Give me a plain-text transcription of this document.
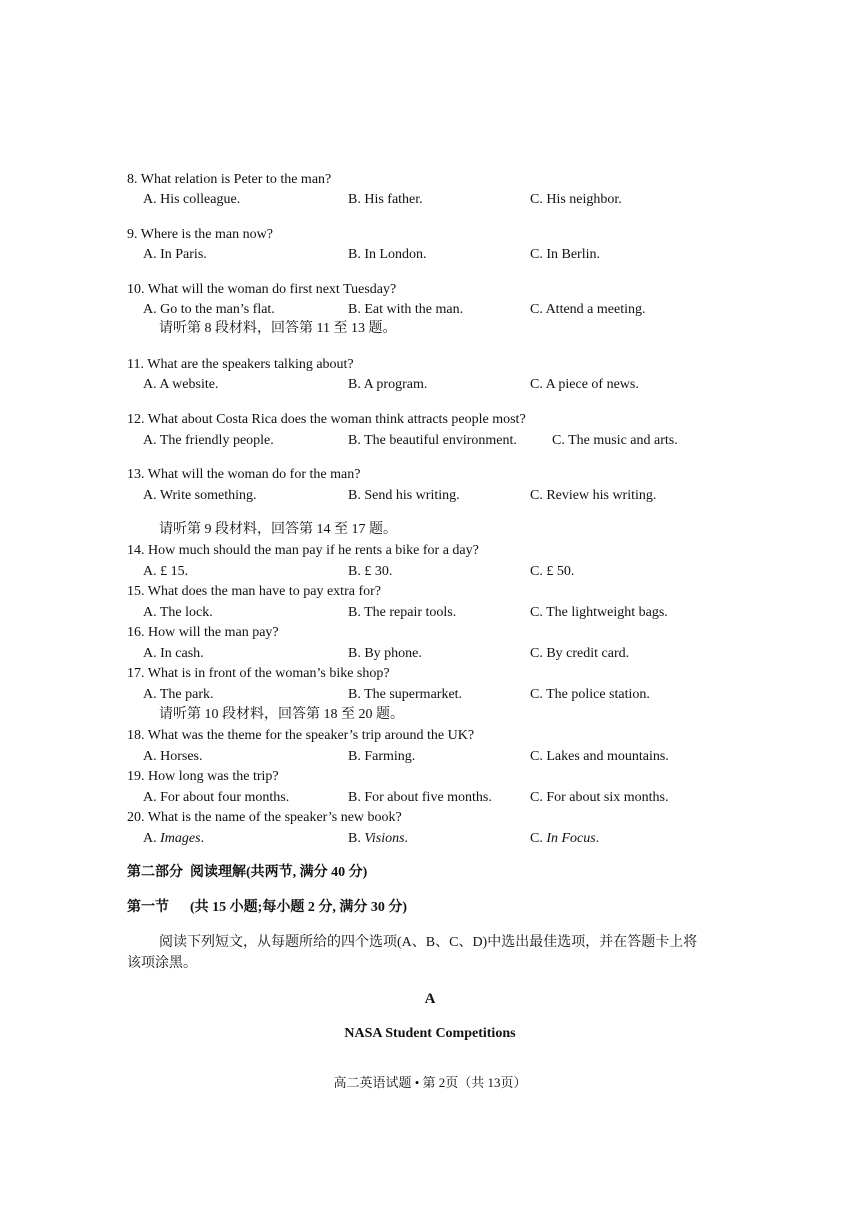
8. What relation is Peter to the man?
A. His colleague.	B. His father.	C. His neighbor.
9. Where is the man now?
A. In Paris.	B. In London.	C. In Berlin.
10. What will the woman do first next Tuesday?
A. Go to the man’s flat.	B. Eat with the man.	C. Attend a meeting.
请听第 8 段材料，回答第 11 至 13 题。
11. What are the speakers talking about?
A. A website.	B. A program.	C. A piece of news.
12. What about Costa Rica does the woman think attracts people most?
A. The friendly people.	B. The beautiful environment.	C. The music and arts.
13. What will the woman do for the man?
A. Write something.	B. Send his writing.	C. Review his writing.
请听第 9 段材料，回答第 14 至 17 题。
14. How much should the man pay if he rents a bike for a day?
A. £ 15.	B. £ 30.	C. £ 50.
15. What does the man have to pay extra for?
A. The lock.	B. The repair tools.	C. The lightweight bags.
16. How will the man pay?
A. In cash.	B. By phone.	C. By credit card.
17. What is in front of the woman’s bike shop?
A. The park.	B. The supermarket.	C. The police station.
请听第 10 段材料，回答第 18 至 20 题。
18. What was the theme for the speaker’s trip around the UK?
A. Horses.	B. Farming.	C. Lakes and mountains.
19. How long was the trip?
A. For about four months.	B. For about five months.	C. For about six months.
20. What is the name of the speaker’s new book?
A. Images.	B. Visions.	C. In Focus.
第二部分  阅读理解(共两节, 满分 40 分)
第一节      (共 15 小题;每小题 2 分, 满分 30 分)
阅读下列短文，从每题所给的四个选项(A、B、C、D)中选出最佳选项，并在答题卡上将
该项涂黑。
A
NASA Student Competitions
高二英语试题 • 第 2页（共 13页）
